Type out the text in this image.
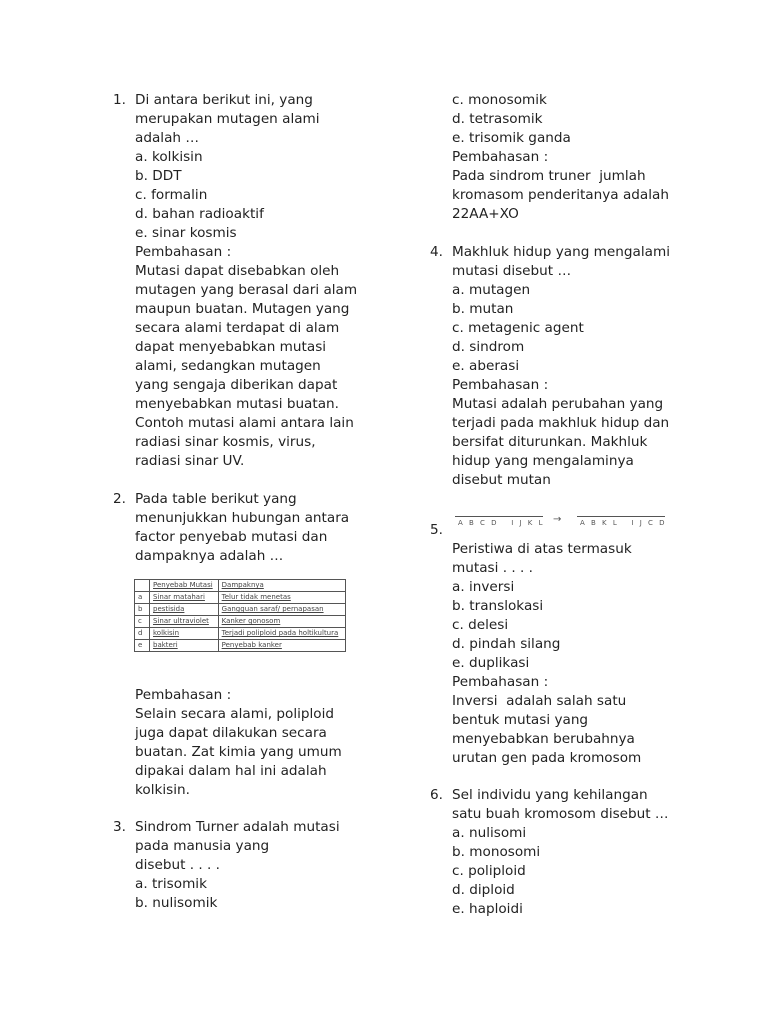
1. Di antara berikut ini, yang
merupakan mutagen alami
adalah …
a. kolkisin
b. DDT
c. formalin
d. bahan radioaktif
e. sinar kosmis
Pembahasan :
Mutasi dapat disebabkan oleh
mutagen yang berasal dari alam
maupun buatan. Mutagen yang
secara alami terdapat di alam
dapat menyebabkan mutasi
alami, sedangkan mutagen
yang sengaja diberikan dapat
menyebabkan mutasi buatan.
Contoh mutasi alami antara lain
radiasi sinar kosmis, virus,
radiasi sinar UV.
2. Pada table berikut yang
menunjukkan hubungan antara
factor penyebab mutasi dan
dampaknya adalah …
	Penyebab Mutasi	Dampaknya
a	Sinar matahari	Telur tidak menetas
b	pestisida	Gangguan saraf/ pernapasan
c	Sinar ultraviolet	Kanker gonosom
d	kolkisin	Terjadi poliploid pada holtikultura
e	bakteri	Penyebab kanker
Pembahasan :
Selain secara alami, poliploid
juga dapat dilakukan secara
buatan. Zat kimia yang umum
dipakai dalam hal ini adalah
kolkisin.
3. Sindrom Turner adalah mutasi
pada manusia yang
disebut . . . .
a. trisomik
b. nulisomik
c. monosomik
d. tetrasomik
e. trisomik ganda
Pembahasan :
Pada sindrom truner  jumlah
kromasom penderitanya adalah
22AA+XO
4. Makhluk hidup yang mengalami
mutasi disebut …
a. mutagen
b. mutan
c. metagenic agent
d. sindrom
e. aberasi
Pembahasan :
Mutasi adalah perubahan yang
terjadi pada makhluk hidup dan
bersifat diturunkan. Makhluk
hidup yang mengalaminya
disebut mutan
5. A B C D   I J K L →	A B K L   I J C D
Peristiwa di atas termasuk
mutasi . . . .
a. inversi
b. translokasi
c. delesi
d. pindah silang
e. duplikasi
Pembahasan :
Inversi  adalah salah satu
bentuk mutasi yang
menyebabkan berubahnya
urutan gen pada kromosom
6. Sel individu yang kehilangan
satu buah kromosom disebut …
a. nulisomi
b. monosomi
c. poliploid
d. diploid
e. haploidi
